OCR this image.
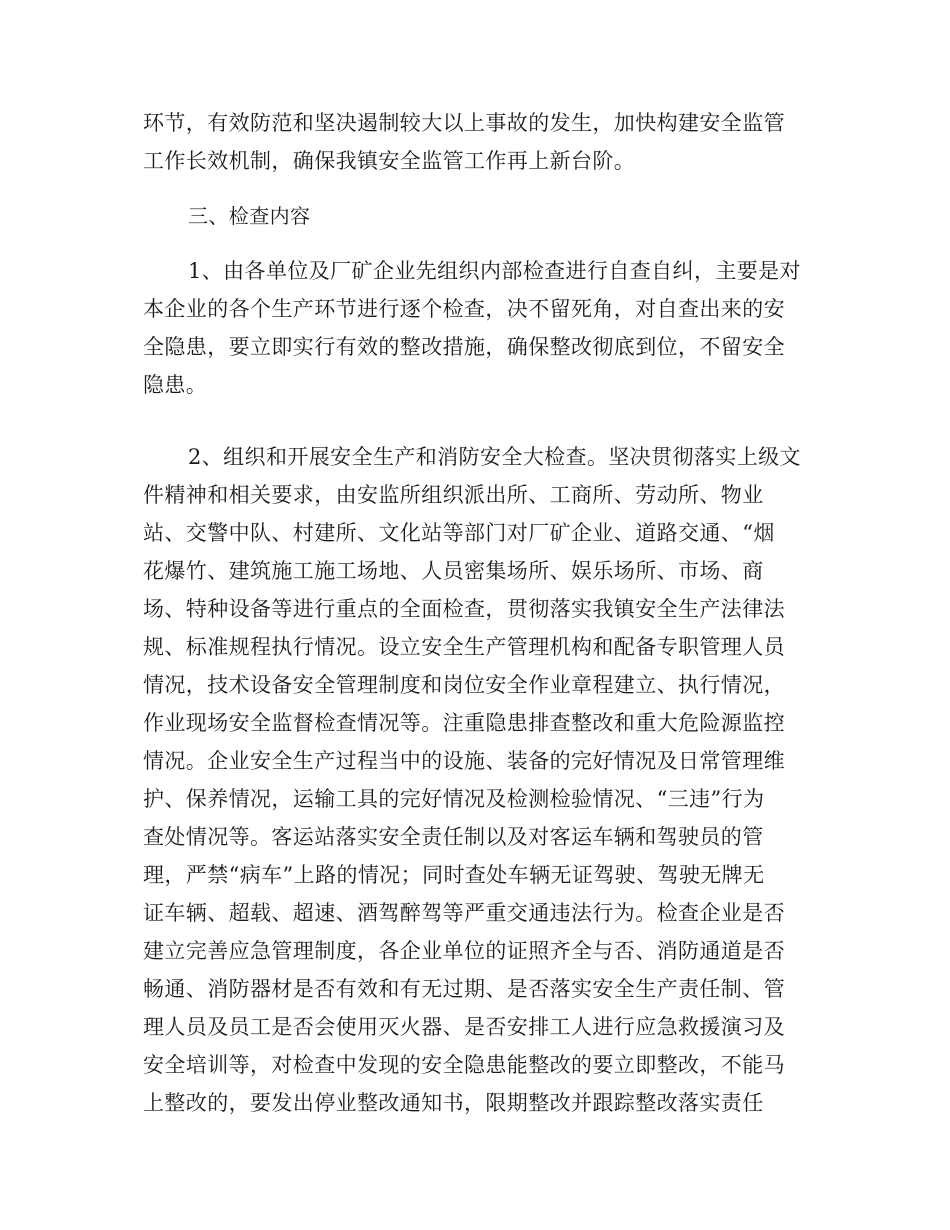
环节，有效防范和坚决遏制较大以上事故的发生，加快构建安全监管
工作长效机制，确保我镇安全监管工作再上新台阶。
三、检查内容
1、由各单位及厂矿企业先组织内部检查进行自查自纠，主要是对
本企业的各个生产环节进行逐个检查，决不留死角，对自查出来的安
全隐患，要立即实行有效的整改措施，确保整改彻底到位，不留安全
隐患。
2、组织和开展安全生产和消防安全大检查。坚决贯彻落实上级文
件精神和相关要求，由安监所组织派出所、工商所、劳动所、物业
站、交警中队、村建所、文化站等部门对厂矿企业、道路交通、“烟
花爆竹、建筑施工施工场地、人员密集场所、娱乐场所、市场、商
场、特种设备等进行重点的全面检查，贯彻落实我镇安全生产法律法
规、标准规程执行情况。设立安全生产管理机构和配备专职管理人员
情况，技术设备安全管理制度和岗位安全作业章程建立、执行情况，
作业现场安全监督检查情况等。注重隐患排查整改和重大危险源监控
情况。企业安全生产过程当中的设施、装备的完好情况及日常管理维
护、保养情况，运输工具的完好情况及检测检验情况、“三违”行为
查处情况等。客运站落实安全责任制以及对客运车辆和驾驶员的管
理，严禁“病车”上路的情况；同时查处车辆无证驾驶、驾驶无牌无
证车辆、超载、超速、酒驾醉驾等严重交通违法行为。检查企业是否
建立完善应急管理制度，各企业单位的证照齐全与否、消防通道是否
畅通、消防器材是否有效和有无过期、是否落实安全生产责任制、管
理人员及员工是否会使用灭火器、是否安排工人进行应急救援演习及
安全培训等，对检查中发现的安全隐患能整改的要立即整改，不能马
上整改的，要发出停业整改通知书，限期整改并跟踪整改落实责任
